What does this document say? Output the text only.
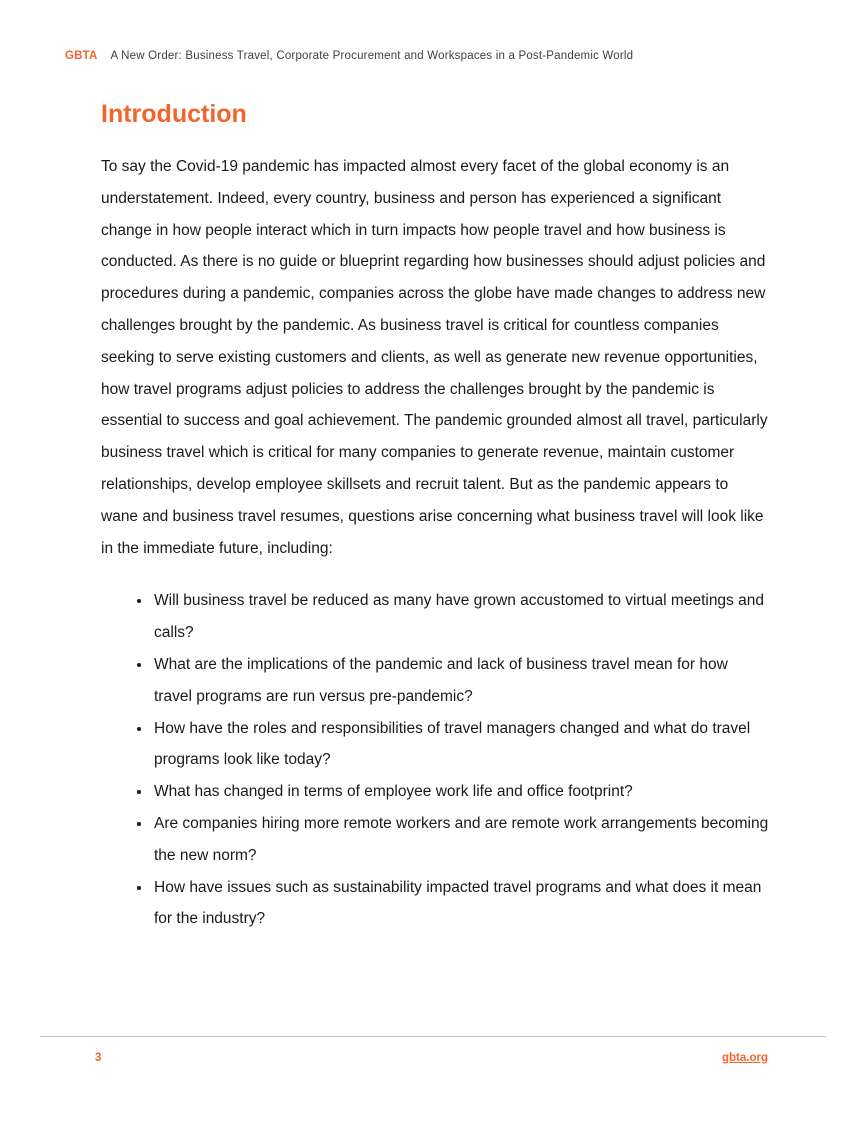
GBTA A New Order: Business Travel, Corporate Procurement and Workspaces in a Post-Pandemic World
Introduction

To say the Covid-19 pandemic has impacted almost every facet of the global economy is an understatement. Indeed, every country, business and person has experienced a significant change in how people interact which in turn impacts how people travel and how business is conducted. As there is no guide or blueprint regarding how businesses should adjust policies and procedures during a pandemic, companies across the globe have made changes to address new challenges brought by the pandemic. As business travel is critical for countless companies seeking to serve existing customers and clients, as well as generate new revenue opportunities, how travel programs adjust policies to address the challenges brought by the pandemic is essential to success and goal achievement. The pandemic grounded almost all travel, particularly business travel which is critical for many companies to generate revenue, maintain customer relationships, develop employee skillsets and recruit talent. But as the pandemic appears to wane and business travel resumes, questions arise concerning what business travel will look like in the immediate future, including:

• Will business travel be reduced as many have grown accustomed to virtual meetings and calls?
• What are the implications of the pandemic and lack of business travel mean for how travel programs are run versus pre-pandemic?
• How have the roles and responsibilities of travel managers changed and what do travel programs look like today?
• What has changed in terms of employee work life and office footprint?
• Are companies hiring more remote workers and are remote work arrangements becoming the new norm?
• How have issues such as sustainability impacted travel programs and what does it mean for the industry?
3	gbta.org
